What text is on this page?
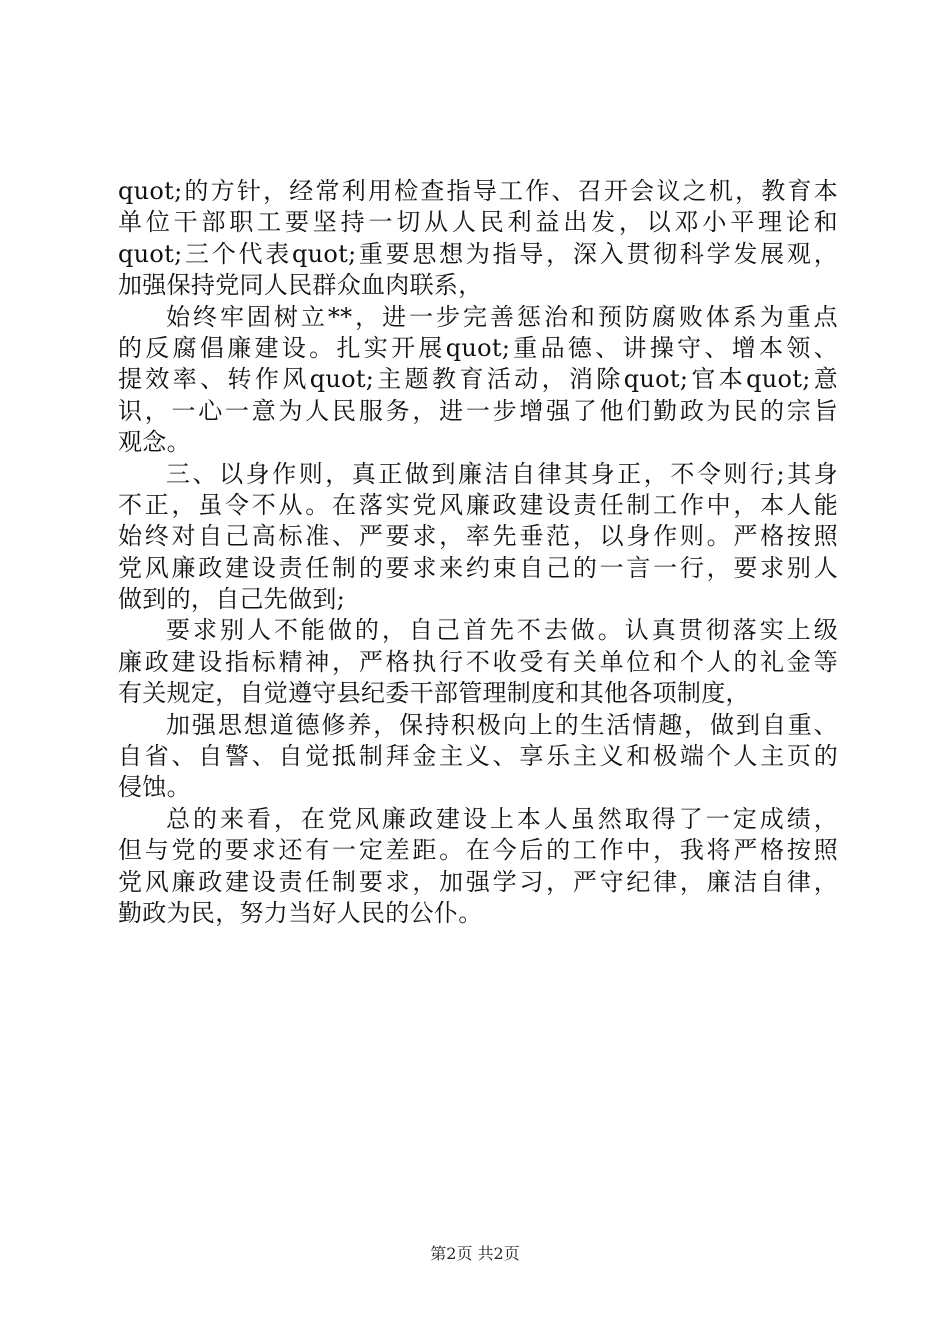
quot;的方针，经常利用检查指导工作、召开会议之机，教育本
单位干部职工要坚持一切从人民利益出发，以邓小平理论和
quot;三个代表quot;重要思想为指导，深入贯彻科学发展观，
加强保持党同人民群众血肉联系，
始终牢固树立**，进一步完善惩治和预防腐败体系为重点
的反腐倡廉建设。扎实开展quot;重品德、讲操守、增本领、
提效率、转作风quot;主题教育活动，消除quot;官本quot;意
识，一心一意为人民服务，进一步增强了他们勤政为民的宗旨
观念。
三、以身作则，真正做到廉洁自律其身正，不令则行;其身
不正，虽令不从。在落实党风廉政建设责任制工作中，本人能
始终对自己高标准、严要求，率先垂范，以身作则。严格按照
党风廉政建设责任制的要求来约束自己的一言一行，要求别人
做到的，自己先做到;
要求别人不能做的，自己首先不去做。认真贯彻落实上级
廉政建设指标精神，严格执行不收受有关单位和个人的礼金等
有关规定，自觉遵守县纪委干部管理制度和其他各项制度，
加强思想道德修养，保持积极向上的生活情趣，做到自重、
自省、自警、自觉抵制拜金主义、享乐主义和极端个人主页的
侵蚀。
总的来看，在党风廉政建设上本人虽然取得了一定成绩，
但与党的要求还有一定差距。在今后的工作中，我将严格按照
党风廉政建设责任制要求，加强学习，严守纪律，廉洁自律，
勤政为民，努力当好人民的公仆。
第2页 共2页
